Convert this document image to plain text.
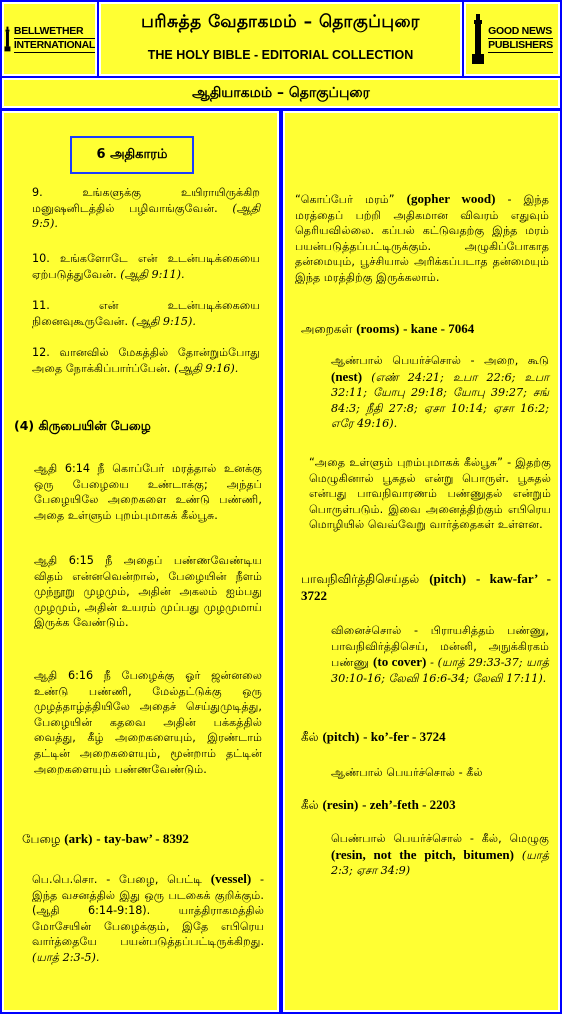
BELLWETHER
INTERNATIONAL
பரிசுத்த வேதாகமம் – தொகுப்புரை
THE HOLY BIBLE - EDITORIAL COLLECTION
GOOD NEWS
PUBLISHERS
ஆதியாகமம் – தொகுப்புரை
6 அதிகாரம்
9. உங்களுக்கு உயிராயிருக்கிற மனுஷனிடத்தில் பழிவாங்குவேன். (ஆதி 9:5).
10. உங்களோடே என் உடன்படிக்கையை ஏற்படுத்துவேன். (ஆதி 9:11).
11. என் உடன்படிக்கையை நினைவுகூருவேன். (ஆதி 9:15).
12. வானவில் மேகத்தில் தோன்றும்போது அதை நோக்கிப்பார்ப்பேன். (ஆதி 9:16).
(4) கிருபையின் பேழை
ஆதி 6:14 நீ கொப்பேர் மரத்தால் உனக்கு ஒரு பேழையை உண்டாக்கு; அந்தப் பேழையிலே அறைகளை உண்டு பண்ணி, அதை உள்ளும் புறம்புமாகக் கீல்பூசு.
ஆதி 6:15 நீ அதைப் பண்ணவேண்டிய விதம் என்னவென்றால், பேழையின் நீளம் முந்நூறு முழமும், அதின் அகலம் ஐம்பது முழமும், அதின் உயரம் முப்பது முழமுமாய் இருக்க வேண்டும்.
ஆதி 6:16 நீ பேழைக்கு ஓர் ஜன்னலை உண்டு பண்ணி, மேல்தட்டுக்கு ஒரு முழத்தாழ்த்தியிலே அதைச் செய்துமுடித்து, பேழையின் கதவை அதின் பக்கத்தில் வைத்து, கீழ் அறைகளையும், இரண்டாம் தட்டின் அறைகளையும், மூன்றாம் தட்டின் அறைகளையும் பண்ணவேண்டும்.
பேழை (ark) - tay-baw’ - 8392
பெ.பெ.சொ. - பேழை, பெட்டி (vessel) - இந்த வசனத்தில் இது ஒரு படகைக் குறிக்கும். (ஆதி 6:14-9:18). யாத்திராகமத்தில் மோசேயின் பேழைக்கும், இதே எபிரெய வார்த்தையே பயன்படுத்தப்பட்டிருக்கிறது. (யாத் 2:3-5).
“கொப்பேர் மரம்” (gopher wood) - இந்த மரத்தைப் பற்றி அதிகமான விவரம் எதுவும் தெரியவில்லை. கப்பல் கட்டுவதற்கு இந்த மரம் பயன்படுத்தப்பட்டிருக்கும். அழுகிப்போகாத தன்மையும், பூச்சியால் அரிக்கப்படாத தன்மையும் இந்த மரத்திற்கு இருக்கலாம்.
அறைகள் (rooms) - kane - 7064
ஆண்பால் பெயர்ச்சொல் - அறை, கூடு (nest) (எண் 24:21; உபா 22:6; உபா 32:11; யோபு 29:18; யோபு 39:27; சங் 84:3; நீதி 27:8; ஏசா 10:14; ஏசா 16:2; எரே 49:16).
“அதை உள்ளும் புறம்புமாகக் கீல்பூசு” - இதற்கு மெழுகினால் பூசுதல் என்று பொருள். பூசுதல் என்பது பாவநிவாரணம் பண்ணுதல் என்றும் பொருள்படும். இவை அனைத்திற்கும் எபிரெய மொழியில் வெவ்வேறு வார்த்தைகள் உள்ளன.
பாவநிவிர்த்திசெய்தல் (pitch) - kaw-far’ - 3722
வினைச்சொல் - பிராயசித்தம் பண்ணு, பாவநிவிர்த்திசெய், மன்னி, அநுக்கிரகம் பண்ணு (to cover) - (யாத் 29:33-37; யாத் 30:10-16; லேவி 16:6-34; லேவி 17:11).
கீல் (pitch) - ko’-fer - 3724
ஆண்பால் பெயர்ச்சொல் - கீல்
கீல் (resin) - zeh’-feth - 2203
பெண்பால் பெயர்ச்சொல் - கீல், மெழுகு (resin, not the pitch, bitumen) (யாத் 2:3; ஏசா 34:9)
